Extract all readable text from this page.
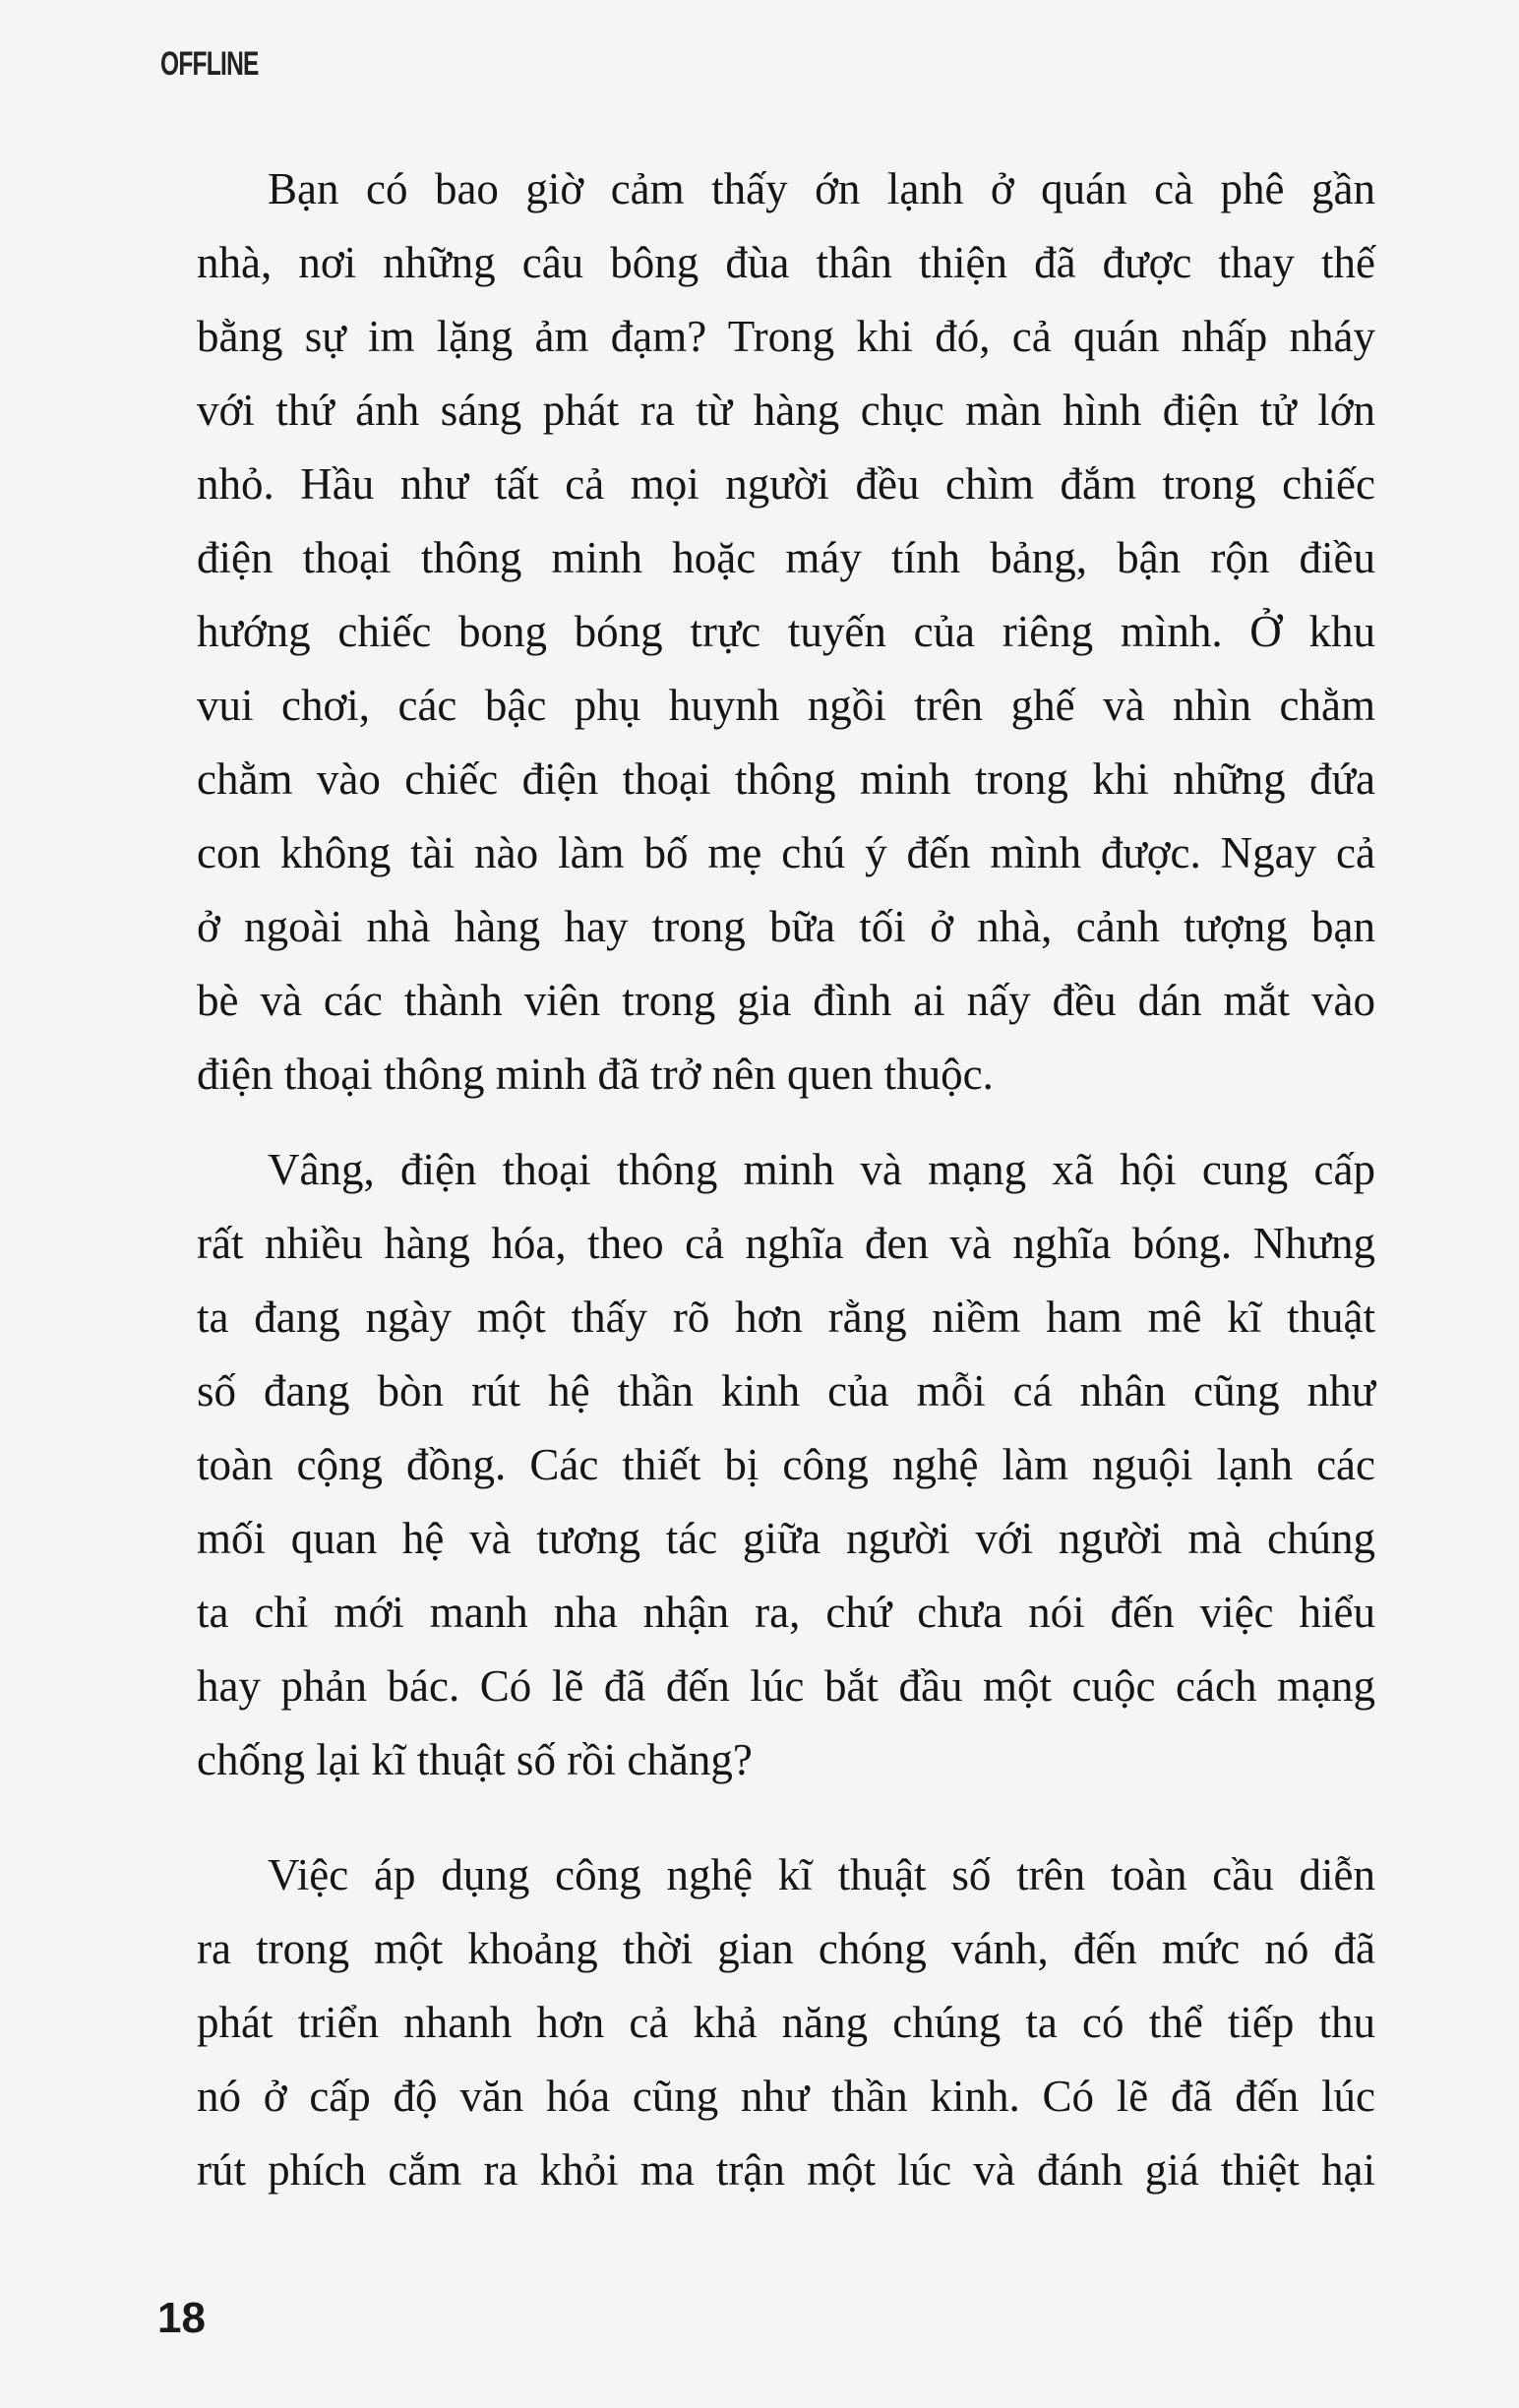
OFFLINE
Bạn có bao giờ cảm thấy ớn lạnh ở quán cà phê gần
nhà, nơi những câu bông đùa thân thiện đã được thay thế
bằng sự im lặng ảm đạm? Trong khi đó, cả quán nhấp nháy
với thứ ánh sáng phát ra từ hàng chục màn hình điện tử lớn
nhỏ. Hầu như tất cả mọi người đều chìm đắm trong chiếc
điện thoại thông minh hoặc máy tính bảng, bận rộn điều
hướng chiếc bong bóng trực tuyến của riêng mình. Ở khu
vui chơi, các bậc phụ huynh ngồi trên ghế và nhìn chằm
chằm vào chiếc điện thoại thông minh trong khi những đứa
con không tài nào làm bố mẹ chú ý đến mình được. Ngay cả
ở ngoài nhà hàng hay trong bữa tối ở nhà, cảnh tượng bạn
bè và các thành viên trong gia đình ai nấy đều dán mắt vào
điện thoại thông minh đã trở nên quen thuộc.
Vâng, điện thoại thông minh và mạng xã hội cung cấp
rất nhiều hàng hóa, theo cả nghĩa đen và nghĩa bóng. Nhưng
ta đang ngày một thấy rõ hơn rằng niềm ham mê kĩ thuật
số đang bòn rút hệ thần kinh của mỗi cá nhân cũng như
toàn cộng đồng. Các thiết bị công nghệ làm nguội lạnh các
mối quan hệ và tương tác giữa người với người mà chúng
ta chỉ mới manh nha nhận ra, chứ chưa nói đến việc hiểu
hay phản bác. Có lẽ đã đến lúc bắt đầu một cuộc cách mạng
chống lại kĩ thuật số rồi chăng?
Việc áp dụng công nghệ kĩ thuật số trên toàn cầu diễn
ra trong một khoảng thời gian chóng vánh, đến mức nó đã
phát triển nhanh hơn cả khả năng chúng ta có thể tiếp thu
nó ở cấp độ văn hóa cũng như thần kinh. Có lẽ đã đến lúc
rút phích cắm ra khỏi ma trận một lúc và đánh giá thiệt hại
18
